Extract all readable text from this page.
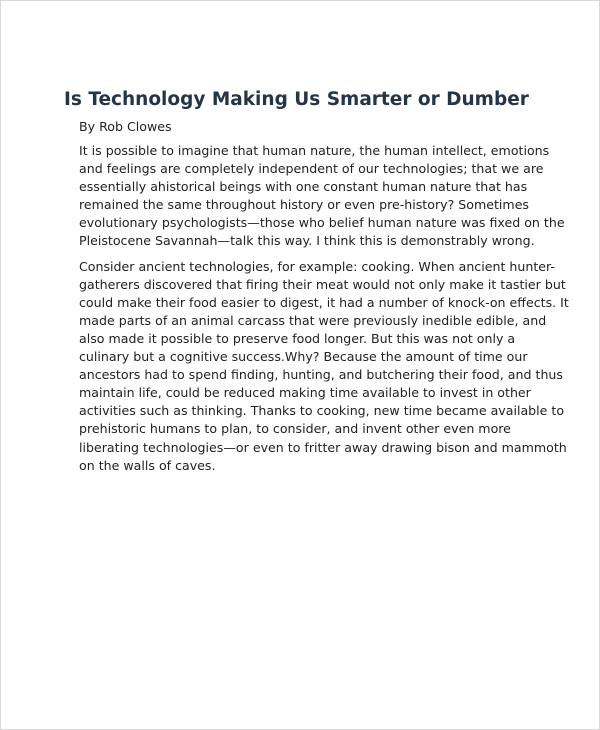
Is Technology Making Us Smarter or Dumber

By Rob Clowes

It is possible to imagine that human nature, the human intellect, emotions
and feelings are completely independent of our technologies; that we are
essentially ahistorical beings with one constant human nature that has
remained the same throughout history or even pre-history? Sometimes
evolutionary psychologists—those who belief human nature was fixed on the
Pleistocene Savannah—talk this way. I think this is demonstrably wrong.

Consider ancient technologies, for example: cooking. When ancient hunter-
gatherers discovered that firing their meat would not only make it tastier but
could make their food easier to digest, it had a number of knock-on effects. It
made parts of an animal carcass that were previously inedible edible, and
also made it possible to preserve food longer. But this was not only a
culinary but a cognitive success.Why? Because the amount of time our
ancestors had to spend finding, hunting, and butchering their food, and thus
maintain life, could be reduced making time available to invest in other
activities such as thinking. Thanks to cooking, new time became available to
prehistoric humans to plan, to consider, and invent other even more
liberating technologies—or even to fritter away drawing bison and mammoth
on the walls of caves.
